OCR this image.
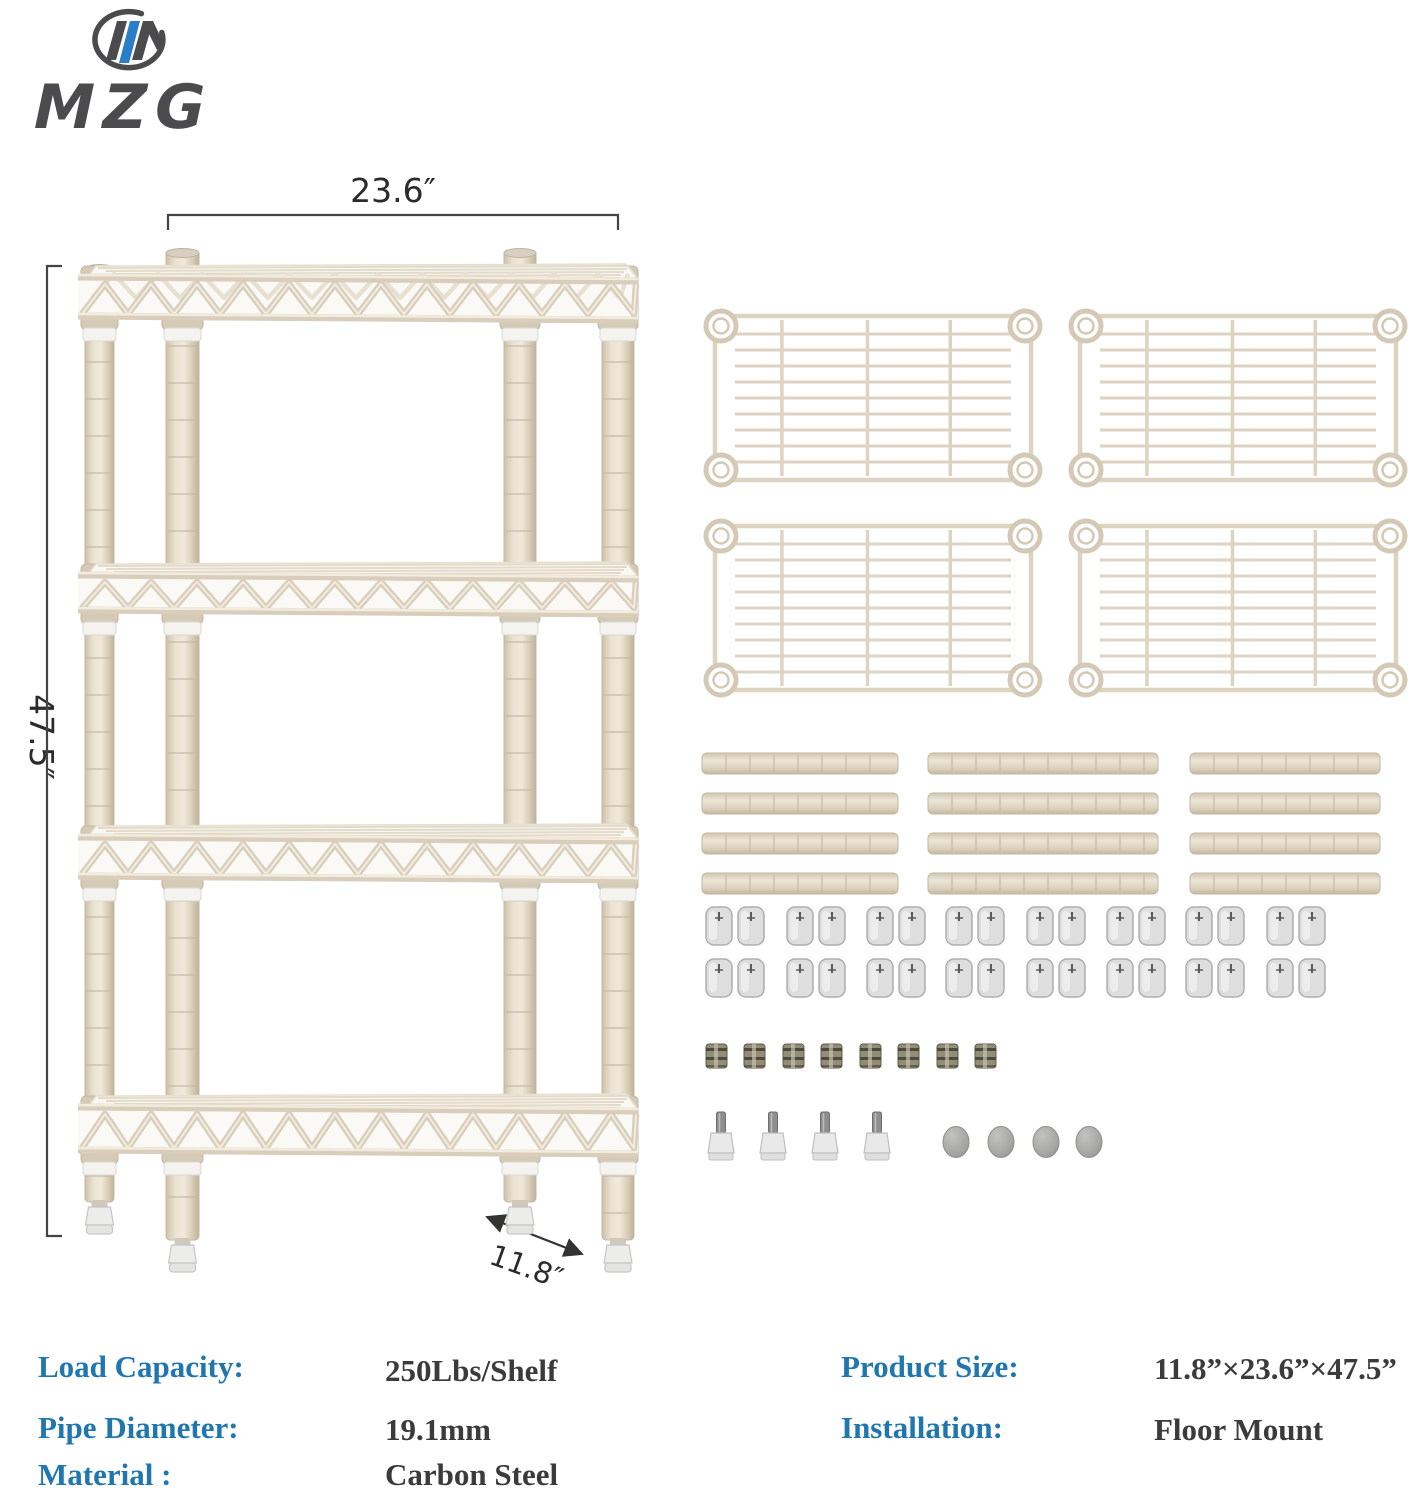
MZG
23.6″
47.5″
11.8″
Load Capacity:	250Lbs/Shelf
Pipe Diameter:	19.1mm
Material :	Carbon Steel
Product Size:	11.8”×23.6”×47.5”
Installation:	Floor Mount
